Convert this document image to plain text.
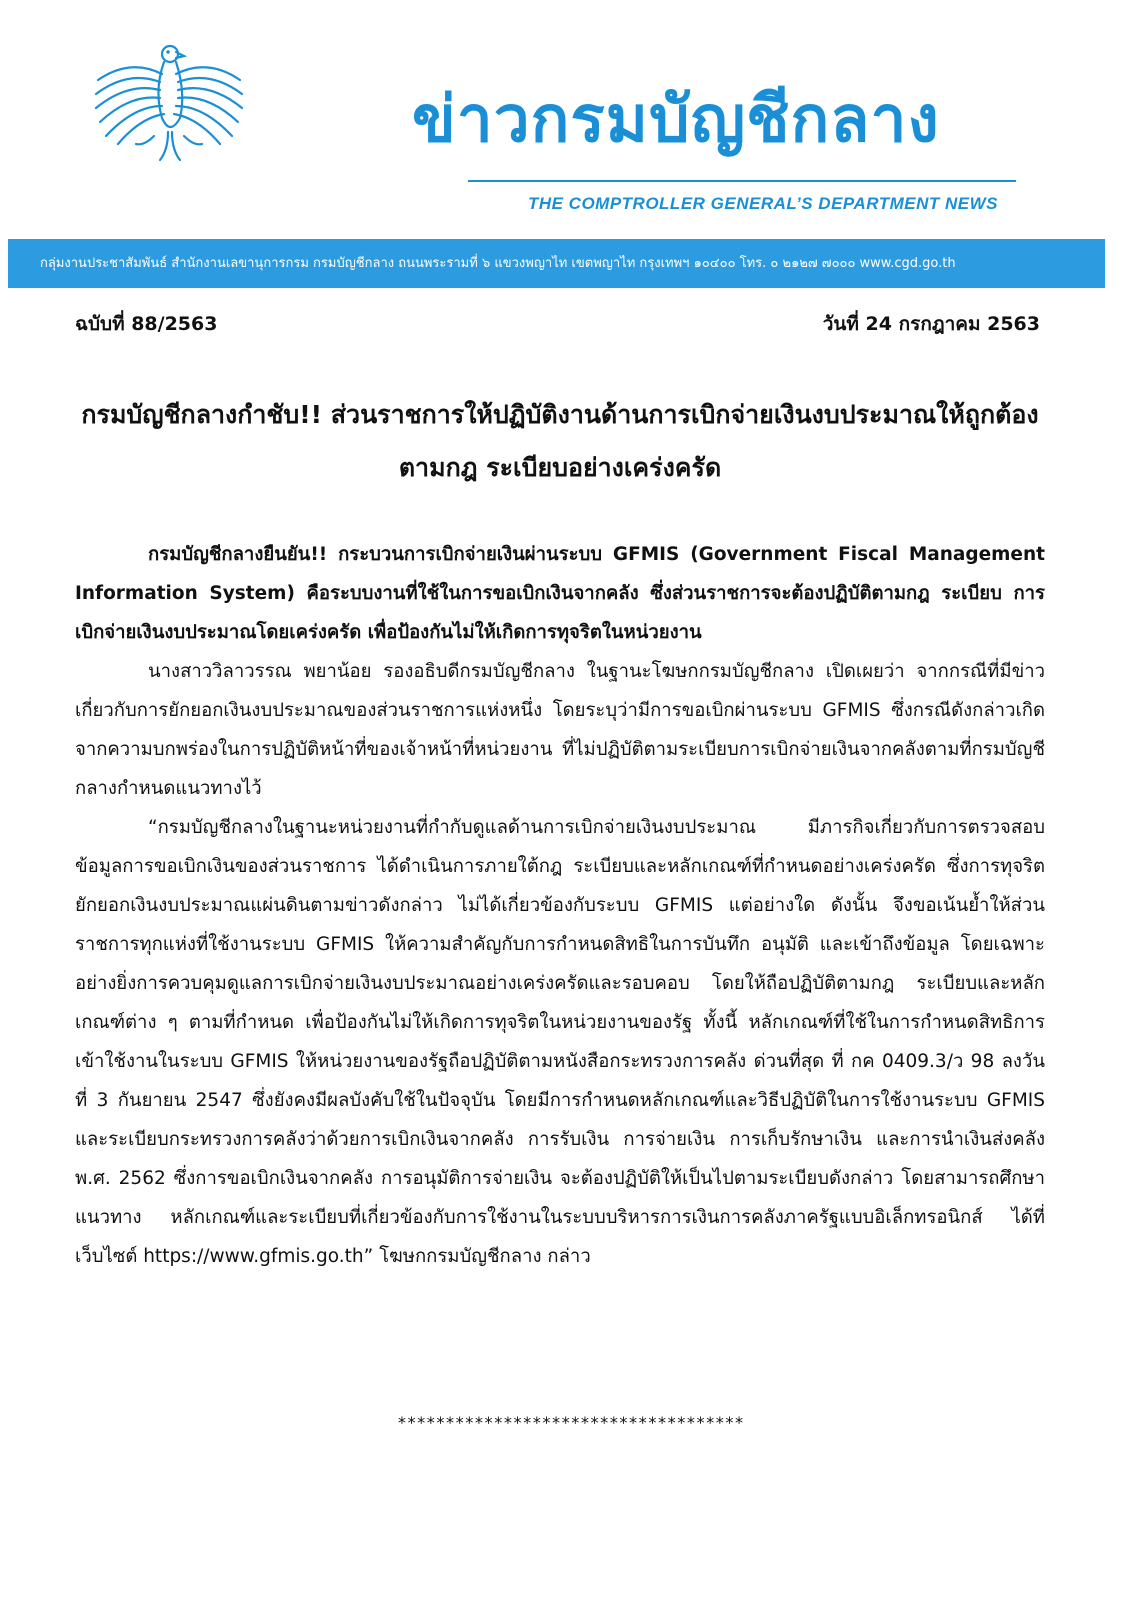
ข่าวกรมบัญชีกลาง
THE COMPTROLLER GENERAL’S DEPARTMENT NEWS
กลุ่มงานประชาสัมพันธ์ สำนักงานเลขานุการกรม กรมบัญชีกลาง ถนนพระรามที่ ๖ แขวงพญาไท เขตพญาไท กรุงเทพฯ ๑๐๔๐๐ โทร. ๐ ๒๑๒๗ ๗๐๐๐ www.cgd.go.th
ฉบับที่ 88/2563	วันที่ 24 กรกฎาคม 2563
กรมบัญชีกลางกำชับ!! ส่วนราชการให้ปฏิบัติงานด้านการเบิกจ่ายเงินงบประมาณให้ถูกต้อง
ตามกฎ ระเบียบอย่างเคร่งครัด

กรมบัญชีกลางยืนยัน!! กระบวนการเบิกจ่ายเงินผ่านระบบ GFMIS (Government Fiscal Management Information System) คือระบบงานที่ใช้ในการขอเบิกเงินจากคลัง ซึ่งส่วนราชการจะต้องปฏิบัติตามกฎ ระเบียบ การเบิกจ่ายเงินงบประมาณโดยเคร่งครัด เพื่อป้องกันไม่ให้เกิดการทุจริตในหน่วยงาน

นางสาววิลาวรรณ พยาน้อย รองอธิบดีกรมบัญชีกลาง ในฐานะโฆษกกรมบัญชีกลาง เปิดเผยว่า จากกรณีที่มีข่าวเกี่ยวกับการยักยอกเงินงบประมาณของส่วนราชการแห่งหนึ่ง โดยระบุว่ามีการขอเบิกผ่านระบบ GFMIS ซึ่งกรณีดังกล่าวเกิดจากความบกพร่องในการปฏิบัติหน้าที่ของเจ้าหน้าที่หน่วยงาน ที่ไม่ปฏิบัติตามระเบียบการเบิกจ่ายเงินจากคลังตามที่กรมบัญชีกลางกำหนดแนวทางไว้

“กรมบัญชีกลางในฐานะหน่วยงานที่กำกับดูแลด้านการเบิกจ่ายเงินงบประมาณ มีภารกิจเกี่ยวกับการตรวจสอบข้อมูลการขอเบิกเงินของส่วนราชการ ได้ดำเนินการภายใต้กฎ ระเบียบและหลักเกณฑ์ที่กำหนดอย่างเคร่งครัด ซึ่งการทุจริตยักยอกเงินงบประมาณแผ่นดินตามข่าวดังกล่าว ไม่ได้เกี่ยวข้องกับระบบ GFMIS แต่อย่างใด ดังนั้น จึงขอเน้นย้ำให้ส่วนราชการทุกแห่งที่ใช้งานระบบ GFMIS ให้ความสำคัญกับการกำหนดสิทธิในการบันทึก อนุมัติ และเข้าถึงข้อมูล โดยเฉพาะอย่างยิ่งการควบคุมดูแลการเบิกจ่ายเงินงบประมาณอย่างเคร่งครัดและรอบคอบ โดยให้ถือปฏิบัติตามกฎ ระเบียบและหลักเกณฑ์ต่าง ๆ ตามที่กำหนด เพื่อป้องกันไม่ให้เกิดการทุจริตในหน่วยงานของรัฐ ทั้งนี้ หลักเกณฑ์ที่ใช้ในการกำหนดสิทธิการเข้าใช้งานในระบบ GFMIS ให้หน่วยงานของรัฐถือปฏิบัติตามหนังสือกระทรวงการคลัง ด่วนที่สุด ที่ กค 0409.3/ว 98 ลงวันที่ 3 กันยายน 2547 ซึ่งยังคงมีผลบังคับใช้ในปัจจุบัน โดยมีการกำหนดหลักเกณฑ์และวิธีปฏิบัติในการใช้งานระบบ GFMIS และระเบียบกระทรวงการคลังว่าด้วยการเบิกเงินจากคลัง การรับเงิน การจ่ายเงิน การเก็บรักษาเงิน และการนำเงินส่งคลัง พ.ศ. 2562 ซึ่งการขอเบิกเงินจากคลัง การอนุมัติการจ่ายเงิน จะต้องปฏิบัติให้เป็นไปตามระเบียบดังกล่าว โดยสามารถศึกษาแนวทาง หลักเกณฑ์และระเบียบที่เกี่ยวข้องกับการใช้งานในระบบบริหารการเงินการคลังภาครัฐแบบอิเล็กทรอนิกส์ ได้ที่เว็บไซต์ https://www.gfmis.go.th” โฆษกกรมบัญชีกลาง กล่าว

************************************
